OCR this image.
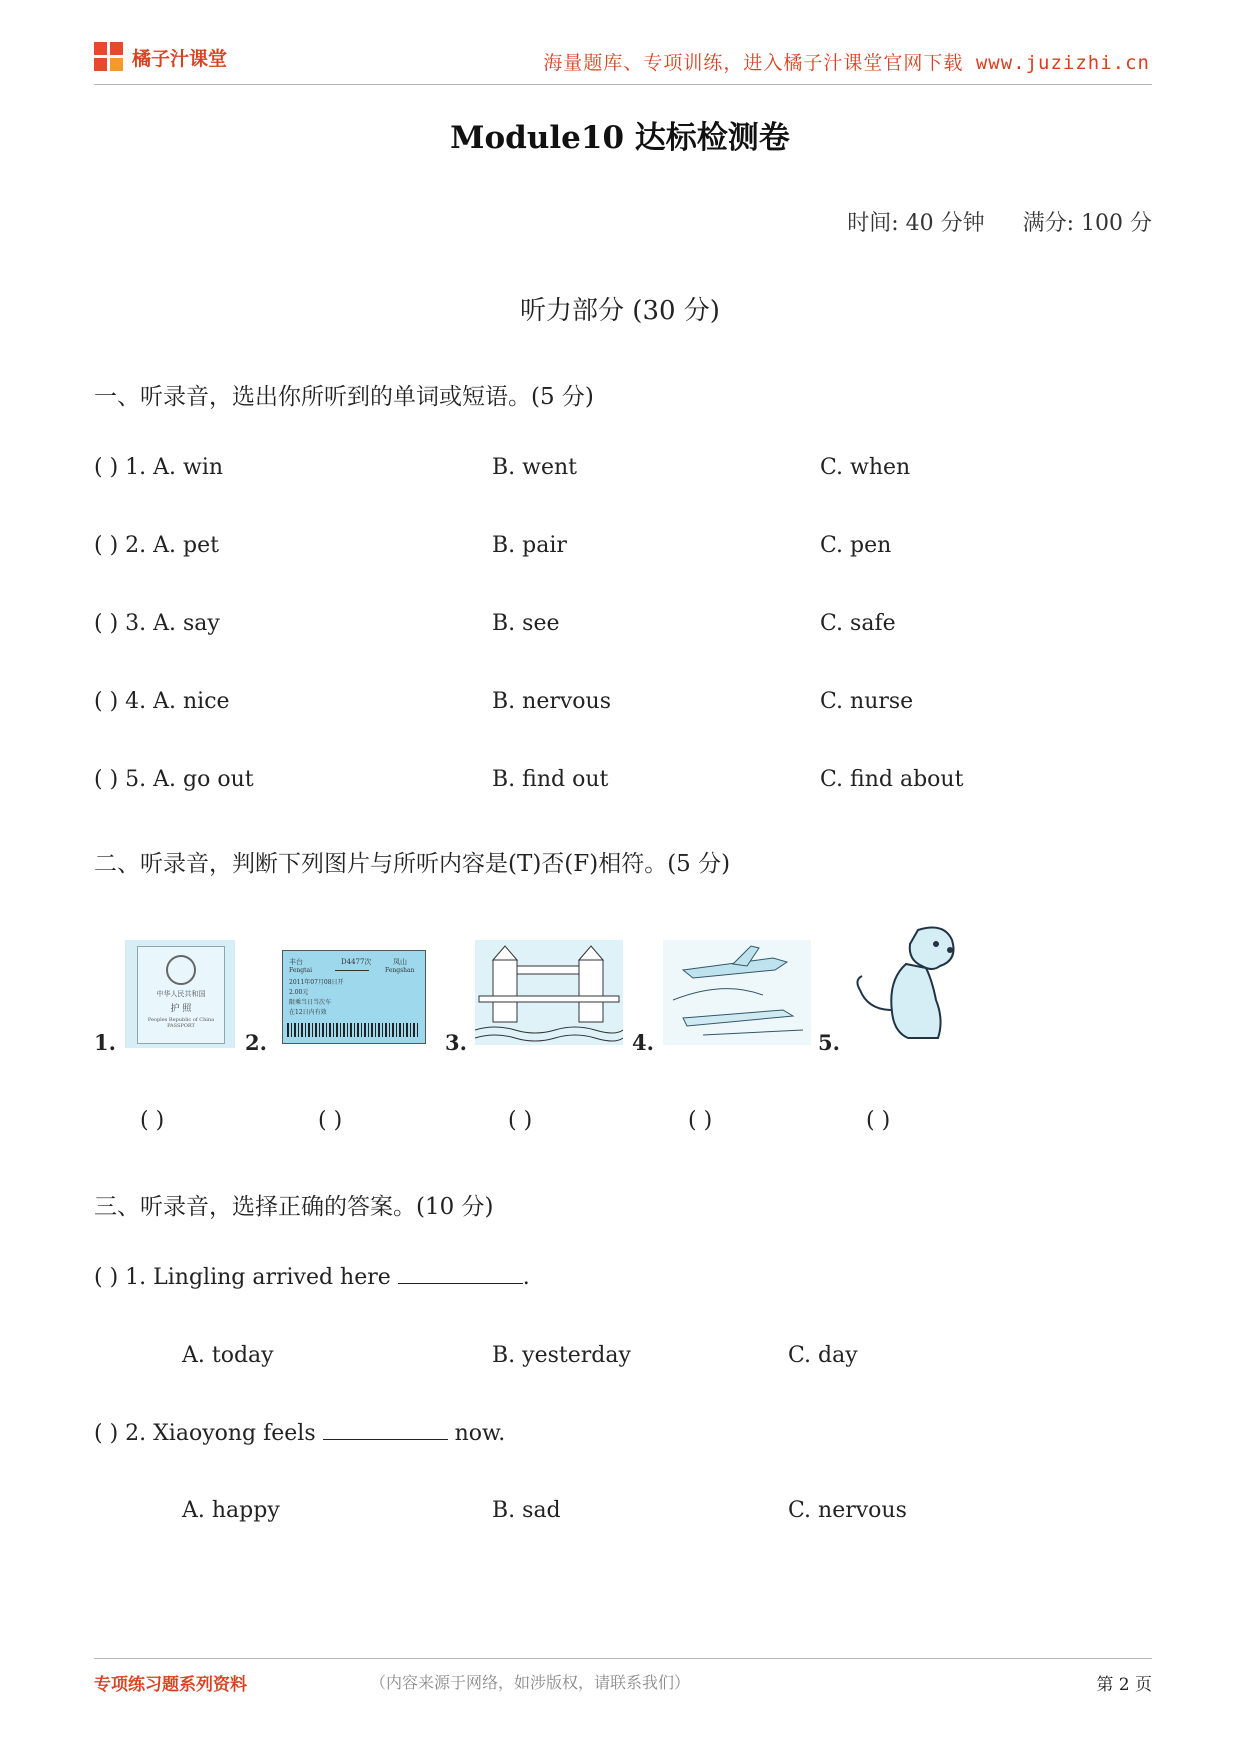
橘子汁课堂	海量题库、专项训练，进入橘子汁课堂官网下载 www.juzizhi.cn
Module10 达标检测卷
时间: 40 分钟 满分: 100 分
听力部分 (30 分)
一、听录音，选出你所听到的单词或短语。(5 分)
( ) 1. A. win	B. went	C. when
( ) 2. A. pet	B. pair	C. pen
( ) 3. A. say	B. see	C. safe
( ) 4. A. nice	B. nervous	C. nurse
( ) 5. A. go out	B. find out	C. find about
二、听录音，判断下列图片与所听内容是(T)否(F)相符。(5 分)
1.
中华人民共和国
护 照
Peoples Republic of China
PASSPORT
2.
丰台	D4477次	凤山
Fengtai	Fengshan
2011年07月08日开
2.00元
限乘当日当次车
在12日内有效
3.	4.	5.
( )	( )	( )	( )	( )
三、听录音，选择正确的答案。(10 分)
( ) 1. Lingling arrived here	.
A. today	B. yesterday	C. day
( ) 2. Xiaoyong feels	now.
A. happy	B. sad	C. nervous
专项练习题系列资料	（内容来源于网络，如涉版权，请联系我们）	第 2 页
